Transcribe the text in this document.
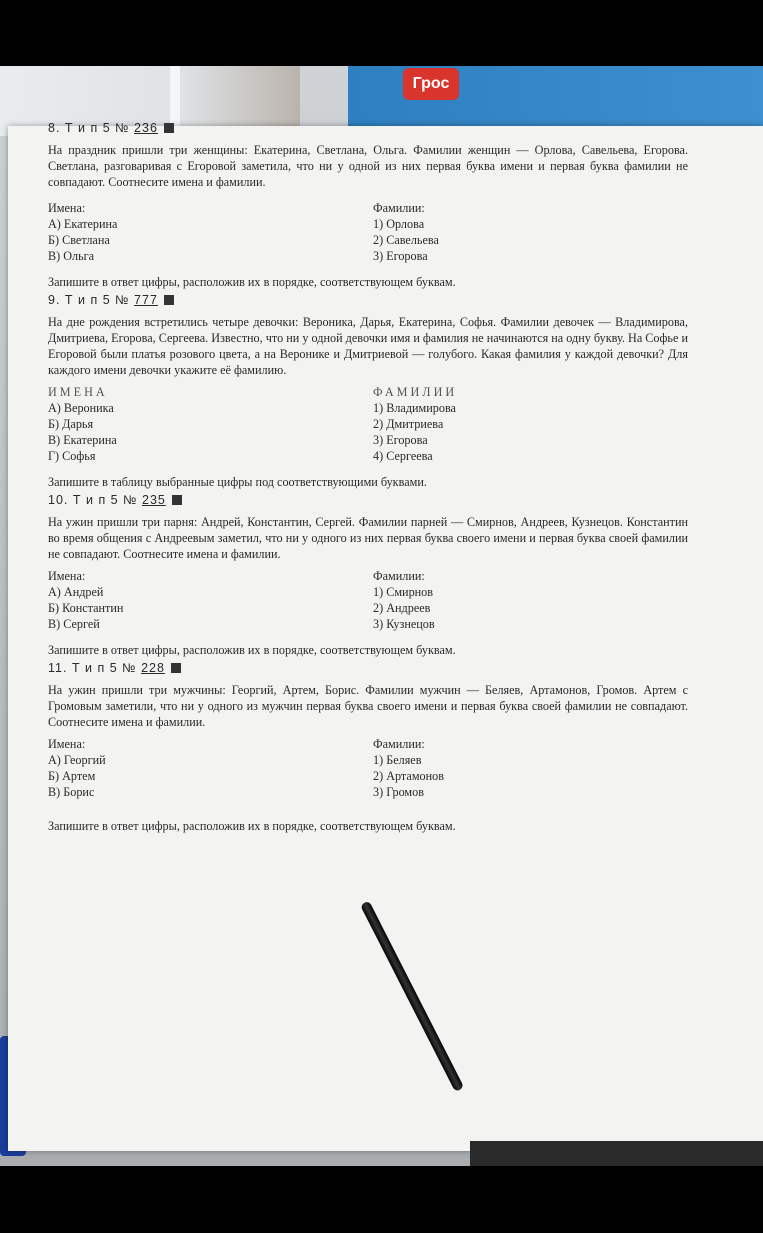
Грос
8. Т и п 5 № 236
На праздник пришли три женщины: Екатерина, Светлана, Ольга. Фамилии женщин — Орлова, Савельева, Егорова. Светлана, разговаривая с Егоровой заметила, что ни у одной из них первая буква имени и первая буква фамилии не совпадают. Соотнесите имена и фамилии.
Имена:
А) Екатерина
Б) Светлана
В) Ольга
Фамилии:
1) Орлова
2) Савельева
3) Егорова
Запишите в ответ цифры, расположив их в порядке, соответствующем буквам.
9. Т и п 5 № 777
На дне рождения встретились четыре девочки: Вероника, Дарья, Екатерина, Софья. Фамилии девочек — Владимирова, Дмитриева, Егорова, Сергеева. Известно, что ни у одной девочки имя и фамилия не начинаются на одну букву. На Софье и Егоровой были платья розового цвета, а на Веронике и Дмитриевой — голубого. Какая фамилия у каждой девочки? Для каждого имени девочки укажите её фамилию.
ИМЕНА
А) Вероника
Б) Дарья
В) Екатерина
Г) Софья
ФАМИЛИИ
1) Владимирова
2) Дмитриева
3) Егорова
4) Сергеева
Запишите в таблицу выбранные цифры под соответствующими буквами.
10. Т и п 5 № 235
На ужин пришли три парня: Андрей, Константин, Сергей. Фамилии парней — Смирнов, Андреев, Кузнецов. Константин во время общения с Андреевым заметил, что ни у одного из них первая буква своего имени и первая буква своей фамилии не совпадают. Соотнесите имена и фамилии.
Имена:
А) Андрей
Б) Константин
В) Сергей
Фамилии:
1) Смирнов
2) Андреев
3) Кузнецов
Запишите в ответ цифры, расположив их в порядке, соответствующем буквам.
11. Т и п 5 № 228
На ужин пришли три мужчины: Георгий, Артем, Борис. Фамилии мужчин — Беляев, Артамонов, Громов. Артем с Громовым заметили, что ни у одного из мужчин первая буква своего имени и первая буква своей фамилии не совпадают. Соотнесите имена и фамилии.
Имена:
А) Георгий
Б) Артем
В) Борис
Фамилии:
1) Беляев
2) Артамонов
3) Громов
Запишите в ответ цифры, расположив их в порядке, соответствующем буквам.
